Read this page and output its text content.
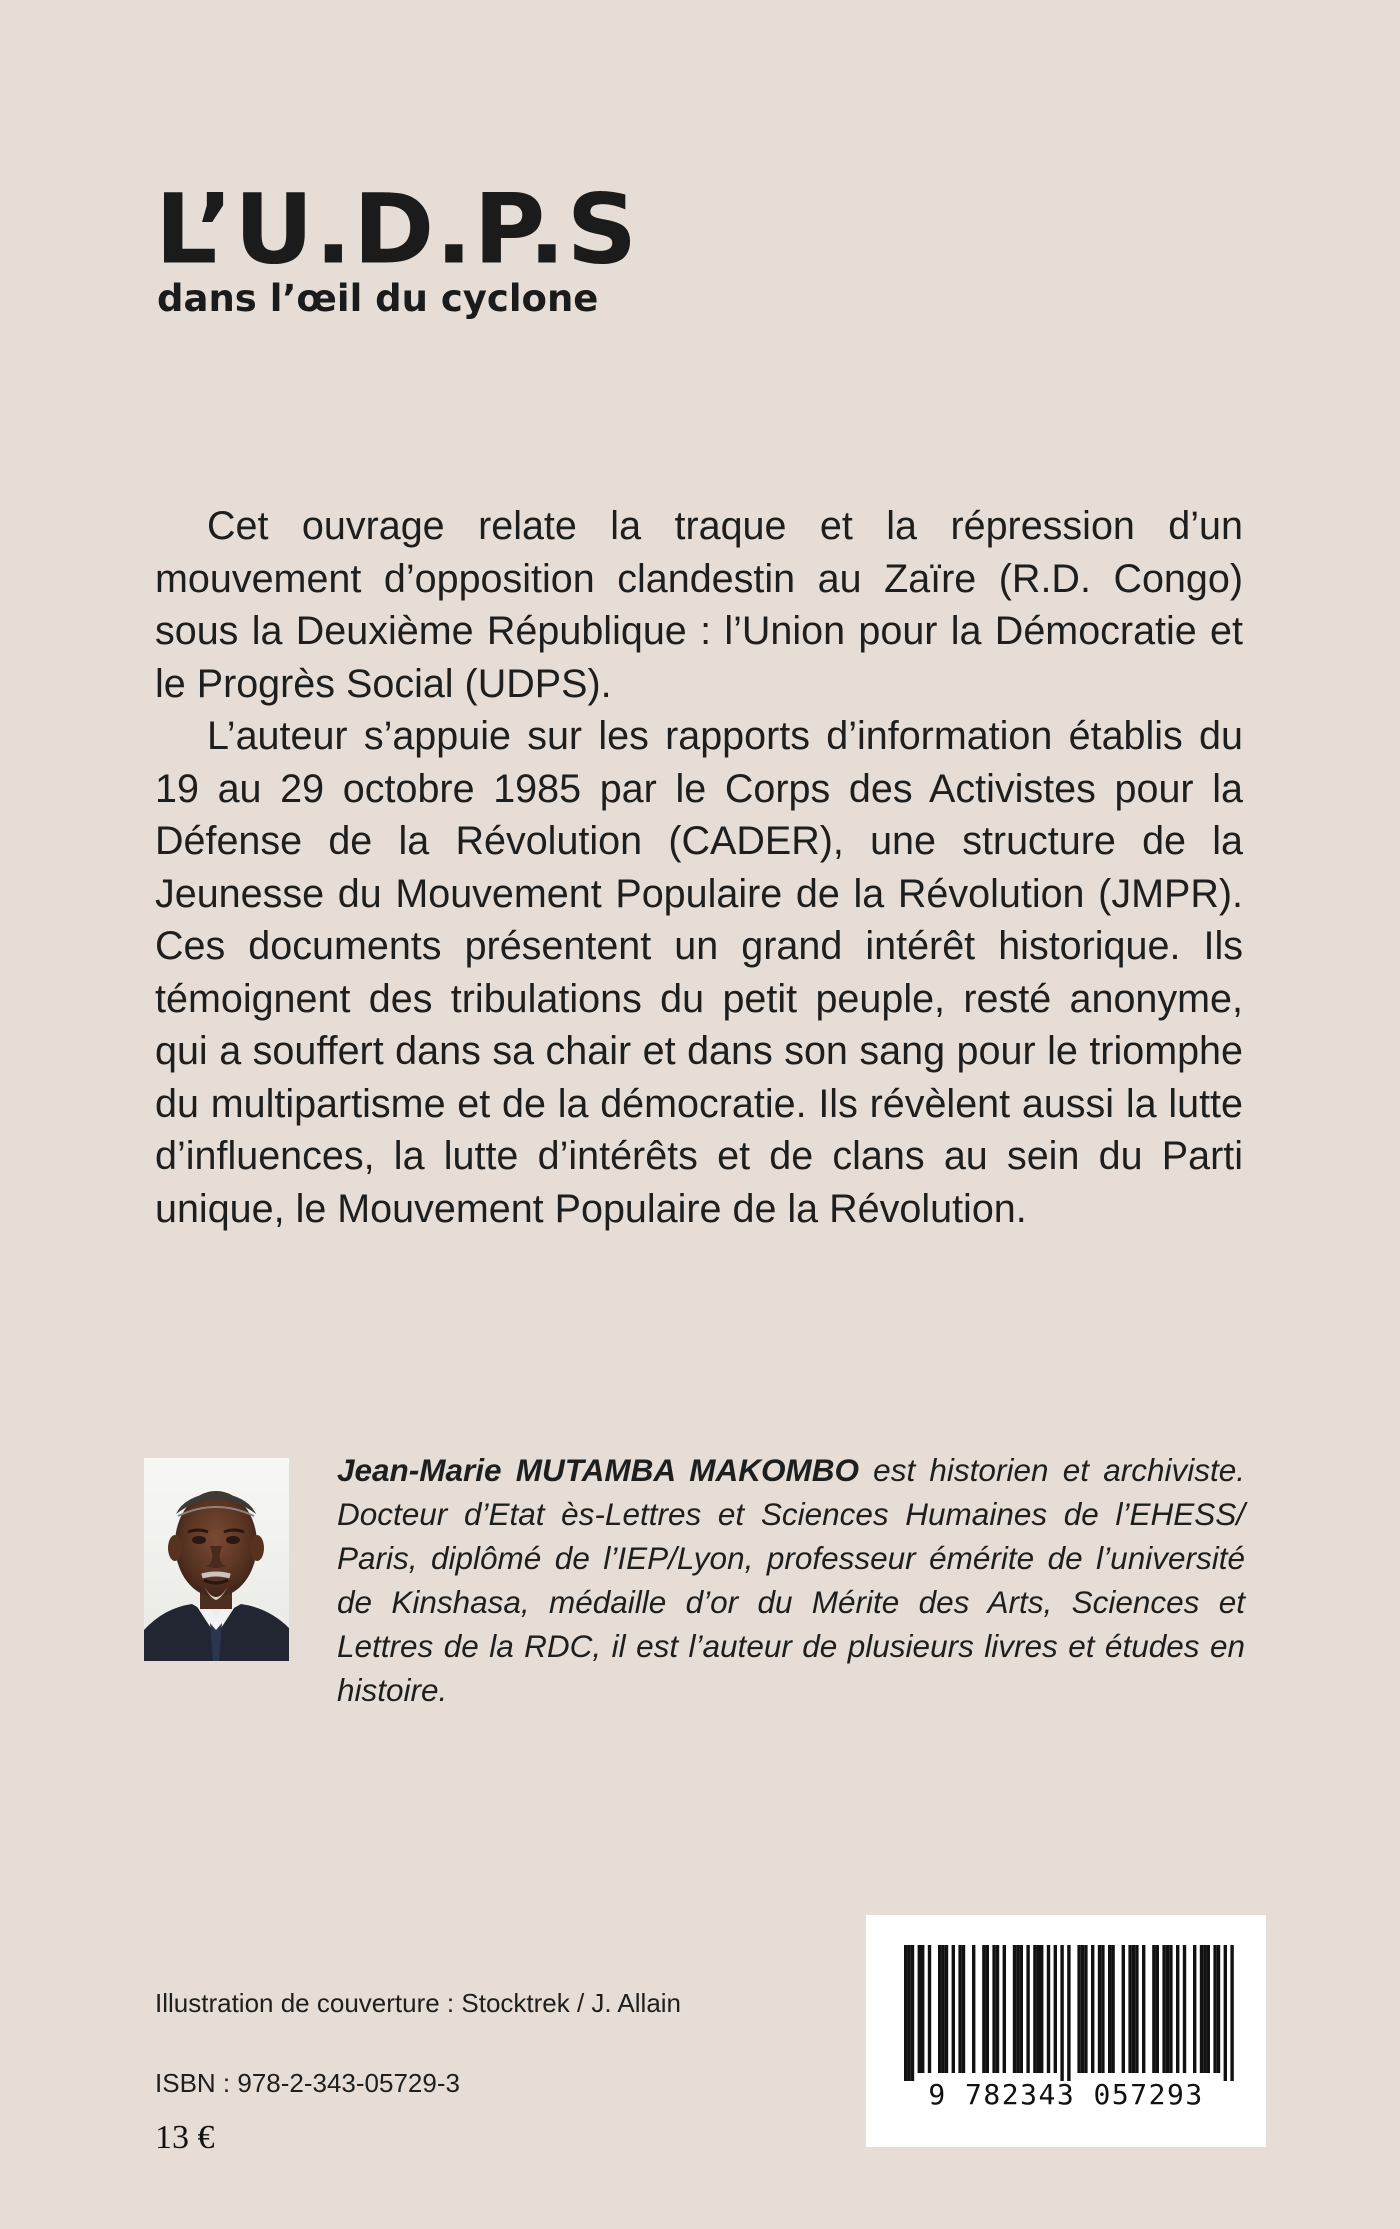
L’U.D.P.S
dans l’œil du cyclone

Cet ouvrage relate la traque et la répression d’un mouvement d’opposition clandestin au Zaïre (R.D. Congo) sous la Deuxième République : l’Union pour la Démocratie et le Progrès Social (UDPS).

L’auteur s’appuie sur les rapports d’information établis du 19 au 29 octobre 1985 par le Corps des Activistes pour la Défense de la Révolution (CADER), une structure de la Jeunesse du Mouvement Populaire de la Révolution (JMPR). Ces documents présentent un grand intérêt historique. Ils témoignent des tribulations du petit peuple, resté anonyme, qui a souffert dans sa chair et dans son sang pour le triomphe du multipartisme et de la démocratie. Ils révèlent aussi la lutte d’influences, la lutte d’intérêts et de clans au sein du Parti unique, le Mouvement Populaire de la Révolution.

Jean-Marie MUTAMBA MAKOMBO est historien et archiviste. Docteur d’Etat ès-Lettres et Sciences Humaines de l’EHESS/ Paris, diplômé de l’IEP/Lyon, professeur émérite de l’université de Kinshasa, médaille d’or du Mérite des Arts, Sciences et Lettres de la RDC, il est l’auteur de plusieurs livres et études en histoire.
Illustration de couverture : Stocktrek / J. Allain
ISBN : 978-2-343-05729-3
13 €
9 782343 057293
